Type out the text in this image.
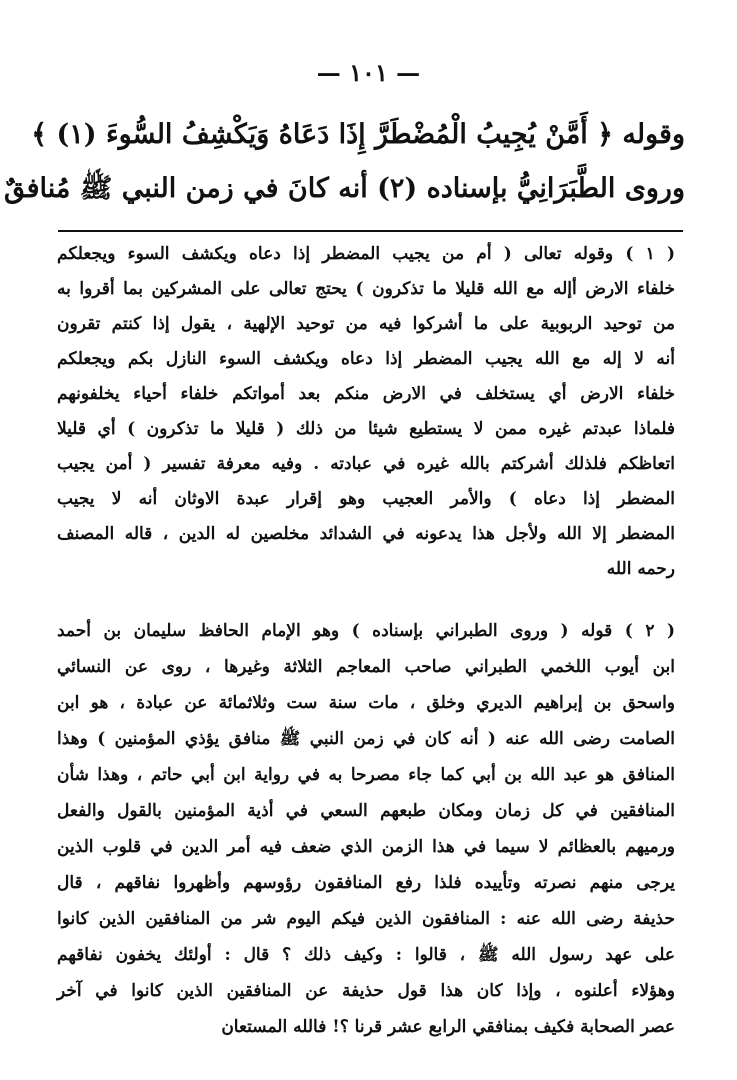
— ١٠١ —
وقوله ﴿ أَمَّنْ يُجِيبُ الْمُضْطَرَّ إِذَا دَعَاهُ وَيَكْشِفُ السُّوءَ (١) ﴾
وروى الطَّبَرَانِيُّ بإسناده (٢) أنه كانَ في زمن النبي ﷺ مُنافقٌ
( ١ ) وقوله تعالى ( أم من يجيب المضطر إذا دعاه ويكشف السوء ويجعلكم
خلفاء الارض أإله مع الله قليلا ما تذكرون ) يحتج تعالى على المشركين بما أقروا به
من توحيد الربوبية على ما أشركوا فيه من توحيد الإلهية ، يقول إذا كنتم تقرون
أنه لا إله مع الله يجيب المضطر إذا دعاه ويكشف السوء النازل بكم ويجعلكم
خلفاء الارض أي يستخلف في الارض منكم بعد أمواتكم خلفاء أحياء يخلفونهم
فلماذا عبدتم غيره ممن لا يستطيع شيئا من ذلك ( قليلا ما تذكرون ) أي قليلا
اتعاظكم فلذلك أشركتم بالله غيره في عبادته . وفيه معرفة تفسير ( أمن يجيب
المضطر إذا دعاه ) والأمر العجيب وهو إقرار عبدة الاوثان أنه لا يجيب
المضطر إلا الله ولأجل هذا يدعونه في الشدائد مخلصين له الدين ، قاله المصنف
رحمه الله
( ٢ ) قوله ( وروى الطبراني بإسناده ) وهو الإمام الحافظ سليمان بن أحمد
ابن أيوب اللخمي الطبراني صاحب المعاجم الثلاثة وغيرها ، روى عن النسائي
واسحق بن إبراهيم الديري وخلق ، مات سنة ست وثلاثمائة عن عبادة ، هو ابن
الصامت رضى الله عنه ( أنه كان في زمن النبي ﷺ منافق يؤذي المؤمنين ) وهذا
المنافق هو عبد الله بن أبي كما جاء مصرحا به في رواية ابن أبي حاتم ، وهذا شأن
المنافقين في كل زمان ومكان طبعهم السعي في أذية المؤمنين بالقول والفعل
ورميهم بالعظائم لا سيما في هذا الزمن الذي ضعف فيه أمر الدين في قلوب الذين
يرجى منهم نصرته وتأييده فلذا رفع المنافقون رؤوسهم وأظهروا نفاقهم ، قال
حذيفة رضى الله عنه : المنافقون الذين فيكم اليوم شر من المنافقين الذين كانوا
على عهد رسول الله ﷺ ، قالوا : وكيف ذلك ؟ قال : أولئك يخفون نفاقهم
وهؤلاء أعلنوه ، وإذا كان هذا قول حذيفة عن المنافقين الذين كانوا في آخر
عصر الصحابة فكيف بمنافقي الرابع عشر قرنا ؟! فالله المستعان
